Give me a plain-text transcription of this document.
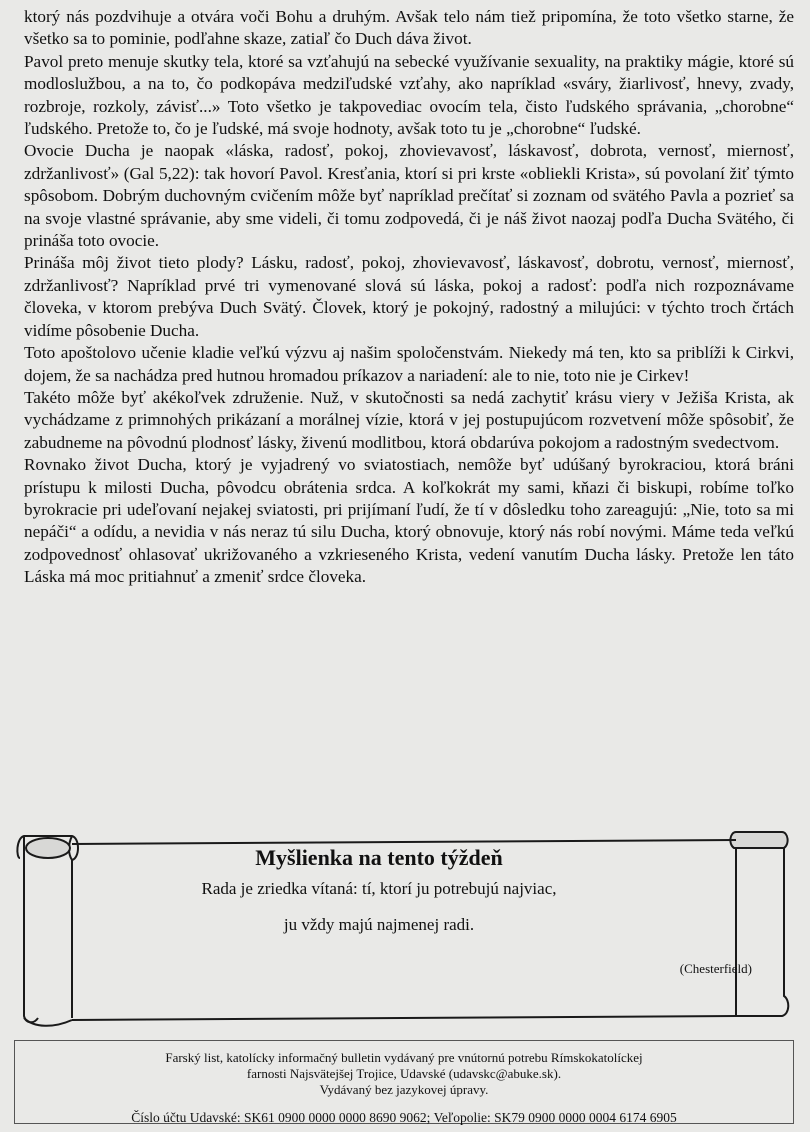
ktorý nás pozdvihuje a otvára voči Bohu a druhým. Avšak telo nám tiež pripomína, že toto všetko starne, že všetko sa to pominie, podľahne skaze, zatiaľ čo Duch dáva život.

Pavol preto menuje skutky tela, ktoré sa vzťahujú na sebecké využívanie sexuality, na praktiky mágie, ktoré sú modloslužbou, a na to, čo podkopáva medziľudské vzťahy, ako napríklad «sváry, žiarlivosť, hnevy, zvady, rozbroje, rozkoly, závisť...» Toto všetko je takpovediac ovocím tela, čisto ľudského správania, „chorobne“ ľudského. Pretože to, čo je ľudské, má svoje hodnoty, avšak toto tu je „chorobne“ ľudské.

Ovocie Ducha je naopak «láska, radosť, pokoj, zhovievavosť, láskavosť, dobrota, vernosť, miernosť, zdržanlivosť» (Gal 5,22): tak hovorí Pavol. Kresťania, ktorí si pri krste «obliekli Krista», sú povolaní žiť týmto spôsobom. Dobrým duchovným cvičením môže byť napríklad prečítať si zoznam od svätého Pavla a pozrieť sa na svoje vlastné správanie, aby sme videli, či tomu zodpovedá, či je náš život naozaj podľa Ducha Svätého, či prináša toto ovocie.

Prináša môj život tieto plody? Lásku, radosť, pokoj, zhovievavosť, láskavosť, dobrotu, vernosť, miernosť, zdržanlivosť? Napríklad prvé tri vymenované slová sú láska, pokoj a radosť: podľa nich rozpoznávame človeka, v ktorom prebýva Duch Svätý. Človek, ktorý je pokojný, radostný a milujúci: v týchto troch črtách vidíme pôsobenie Ducha.

Toto apoštolovo učenie kladie veľkú výzvu aj našim spoločenstvám. Niekedy má ten, kto sa priblíži k Cirkvi, dojem, že sa nachádza pred hutnou hromadou príkazov a nariadení: ale to nie, toto nie je Cirkev!

Takéto môže byť akékoľvek združenie. Nuž, v skutočnosti sa nedá zachytiť krásu viery v Ježiša Krista, ak vychádzame z primnohých prikázaní a morálnej vízie, ktorá v jej postupujúcom rozvetvení môže spôsobiť, že zabudneme na pôvodnú plodnosť lásky, živenú modlitbou, ktorá obdarúva pokojom a radostným svedectvom.

Rovnako život Ducha, ktorý je vyjadrený vo sviatostiach, nemôže byť udúšaný byrokraciou, ktorá bráni prístupu k milosti Ducha, pôvodcu obrátenia srdca. A koľkokrát my sami, kňazi či biskupi, robíme toľko byrokracie pri udeľovaní nejakej sviatosti, pri prijímaní ľudí, že tí v dôsledku toho zareagujú: „Nie, toto sa mi nepáči“ a odídu, a nevidia v nás neraz tú silu Ducha, ktorý obnovuje, ktorý nás robí novými. Máme teda veľkú zodpovednosť ohlasovať ukrižovaného a vzkrieseného Krista, vedení vanutím Ducha lásky. Pretože len táto Láska má moc pritiahnuť a zmeniť srdce človeka.

Myšlienka na tento týždeň
Rada je zriedka vítaná: tí, ktorí ju potrebujú najviac,
ju vždy majú najmenej radi.
(Chesterfield)
Farský list, katolícky informačný bulletin vydávaný pre vnútornú potrebu Rímskokatolíckej
farnosti Najsvätejšej Trojice, Udavské (udavskc@abuke.sk).
Vydávaný bez jazykovej úpravy.
Číslo účtu Udavské: SK61 0900 0000 0000 8690 9062; Veľopolie: SK79 0900 0000 0004 6174 6905
